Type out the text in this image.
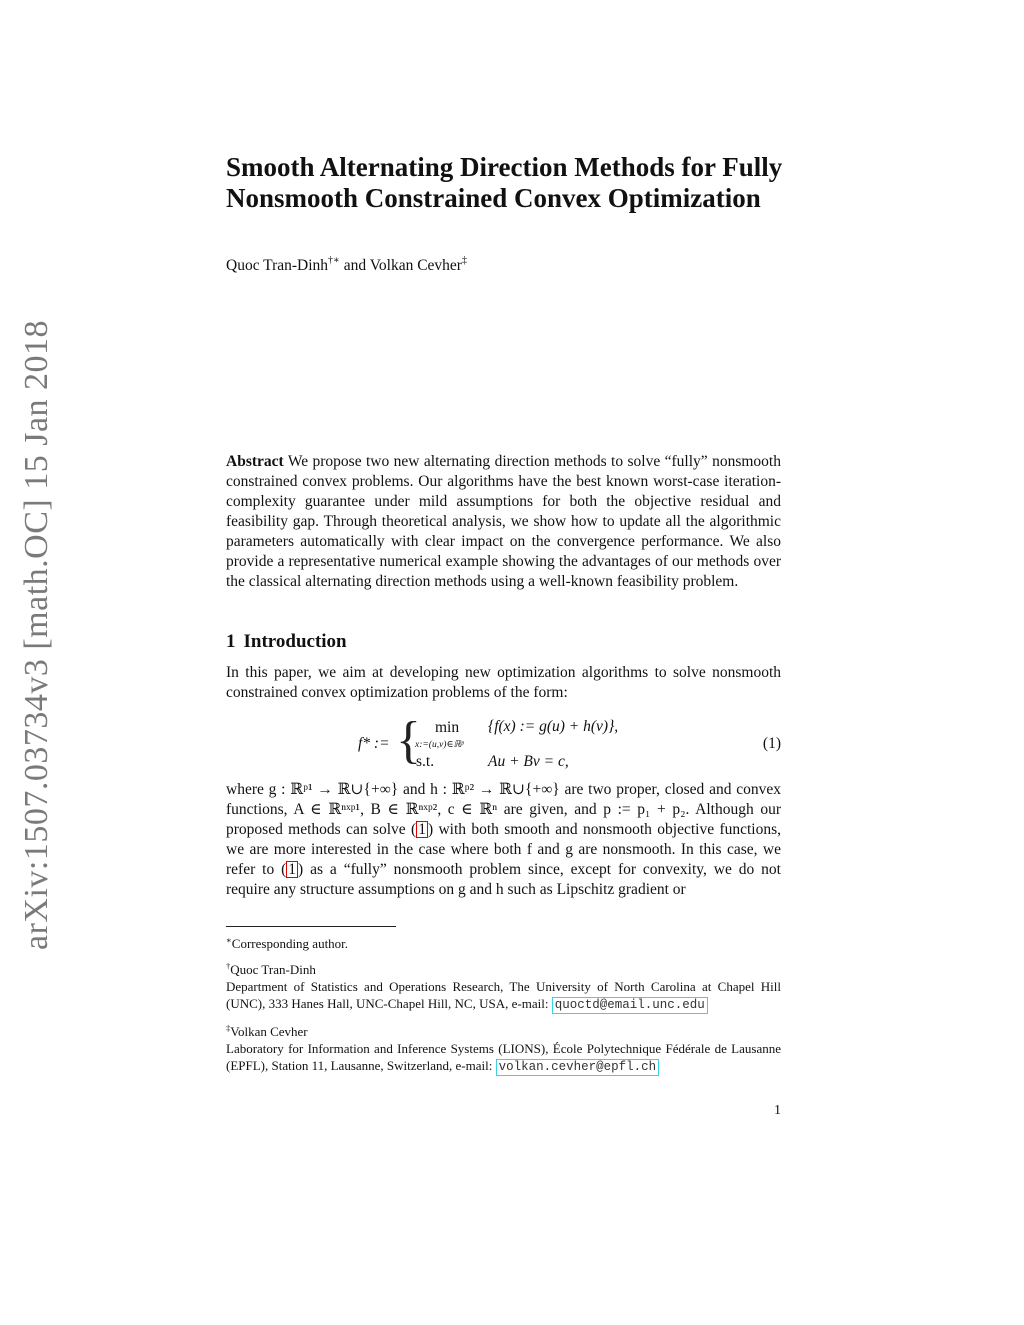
arXiv:1507.03734v3 [math.OC] 15 Jan 2018
Smooth Alternating Direction Methods for Fully
Nonsmooth Constrained Convex Optimization
Quoc Tran-Dinh†∗ and Volkan Cevher‡

Abstract We propose two new alternating direction methods to solve “fully” nonsmooth constrained convex problems. Our algorithms have the best known worst-case iteration-complexity guarantee under mild assumptions for both the objective residual and feasibility gap. Through theoretical analysis, we show how to update all the algorithmic parameters automatically with clear impact on the convergence performance. We also provide a representative numerical example showing the advantages of our methods over the classical alternating direction methods using a well-known feasibility problem.

1 Introduction

In this paper, we aim at developing new optimization algorithms to solve nonsmooth constrained convex optimization problems of the form:

f* := { min
x:=(u,v)∈ℝᵖ
{f(x) := g(u) + h(v)},
s.t.	Au + Bv = c,
(1)

where g : ℝᵖ¹ → ℝ∪{+∞} and h : ℝᵖ² → ℝ∪{+∞} are two proper, closed and convex functions, A ∈ ℝⁿˣᵖ¹, B ∈ ℝⁿˣᵖ², c ∈ ℝⁿ are given, and p := p₁ + p₂. Although our proposed methods can solve ( 1 ) with both smooth and nonsmooth objective functions, we are more interested in the case where both f and g are nonsmooth. In this case, we refer to ( 1 ) as a “fully” nonsmooth problem since, except for convexity, we do not require any structure assumptions on g and h such as Lipschitz gradient or

∗Corresponding author.
†Quoc Tran-Dinh
Department of Statistics and Operations Research, The University of North Carolina at Chapel Hill (UNC), 333 Hanes Hall, UNC-Chapel Hill, NC, USA, e-mail: quoctd@email.unc.edu
‡Volkan Cevher
Laboratory for Information and Inference Systems (LIONS), École Polytechnique Fédérale de Lausanne (EPFL), Station 11, Lausanne, Switzerland, e-mail: volkan.cevher@epfl.ch
1
